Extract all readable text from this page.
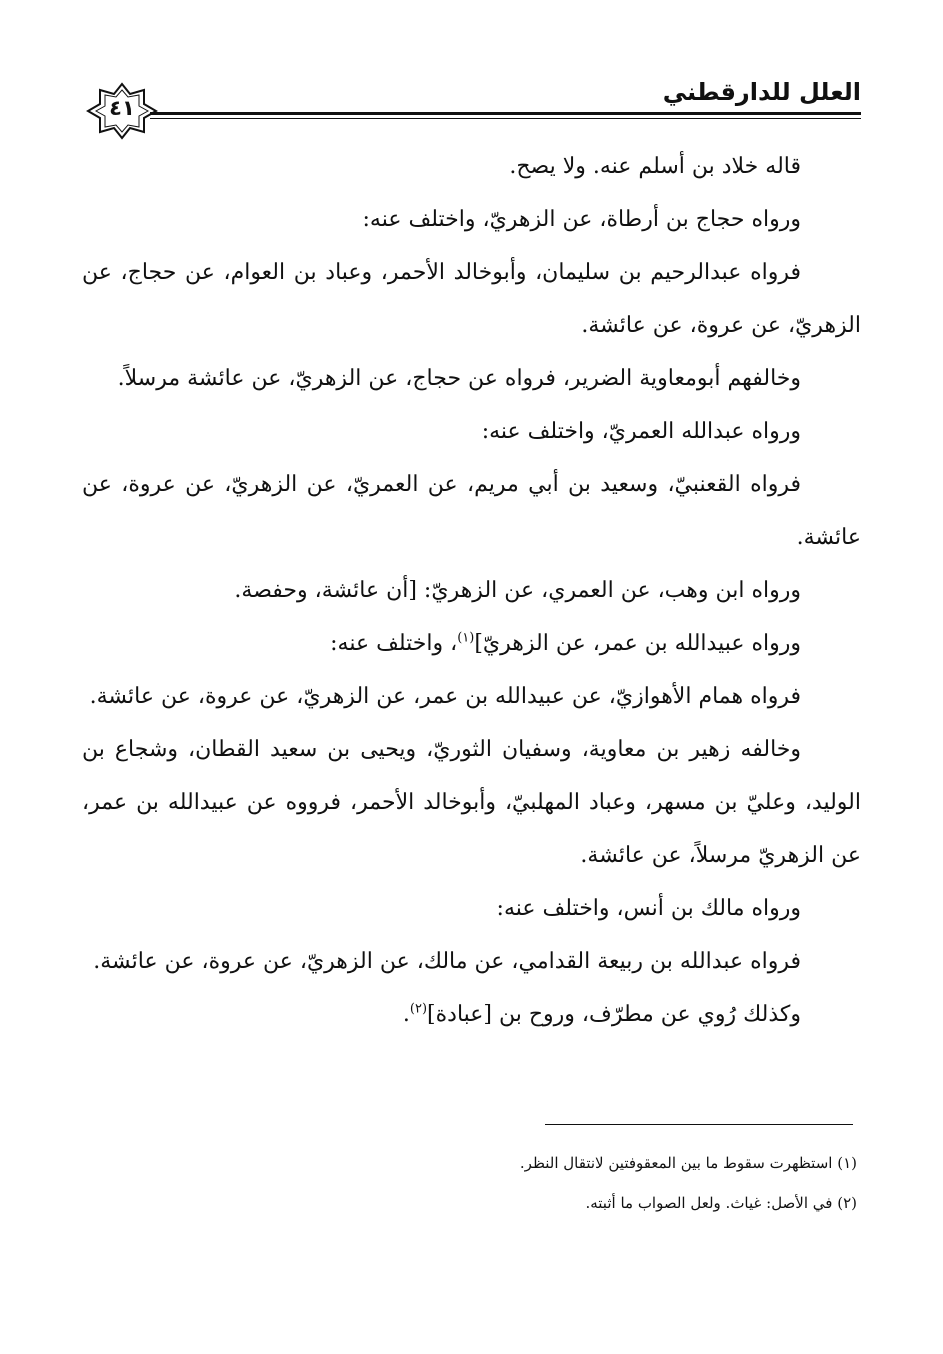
العلل للدارقطني
٤١

قاله خلاد بن أسلم عنه. ولا يصح.

ورواه حجاج بن أرطاة، عن الزهريّ، واختلف عنه:

فرواه عبدالرحيم بن سليمان، وأبوخالد الأحمر، وعباد بن العوام، عن حجاج، عن الزهريّ، عن عروة، عن عائشة.

وخالفهم أبومعاوية الضرير، فرواه عن حجاج، عن الزهريّ، عن عائشة مرسلاً.

ورواه عبدالله العمريّ، واختلف عنه:

فرواه القعنبيّ، وسعيد بن أبي مريم، عن العمريّ، عن الزهريّ، عن عروة، عن عائشة.

ورواه ابن وهب، عن العمري، عن الزهريّ: [أن عائشة، وحفصة.

ورواه عبيدالله بن عمر، عن الزهريّ]$^{(١)}$، واختلف عنه:

فرواه همام الأهوازيّ، عن عبيدالله بن عمر، عن الزهريّ، عن عروة، عن عائشة.

وخالفه زهير بن معاوية، وسفيان الثوريّ، ويحيى بن سعيد القطان، وشجاع بن الوليد، وعليّ بن مسهر، وعباد المهلبيّ، وأبوخالد الأحمر، فرووه عن عبيدالله بن عمر، عن الزهريّ مرسلاً، عن عائشة.

ورواه مالك بن أنس، واختلف عنه:

فرواه عبدالله بن ربيعة القدامي، عن مالك، عن الزهريّ، عن عروة، عن عائشة.

وكذلك رُوي عن مطرّف، وروح بن [عبادة]$^{(٢)}$.

(١) استظهرت سقوط ما بين المعقوفتين لانتقال النظر.

(٢) في الأصل: غياث. ولعل الصواب ما أثبته.
